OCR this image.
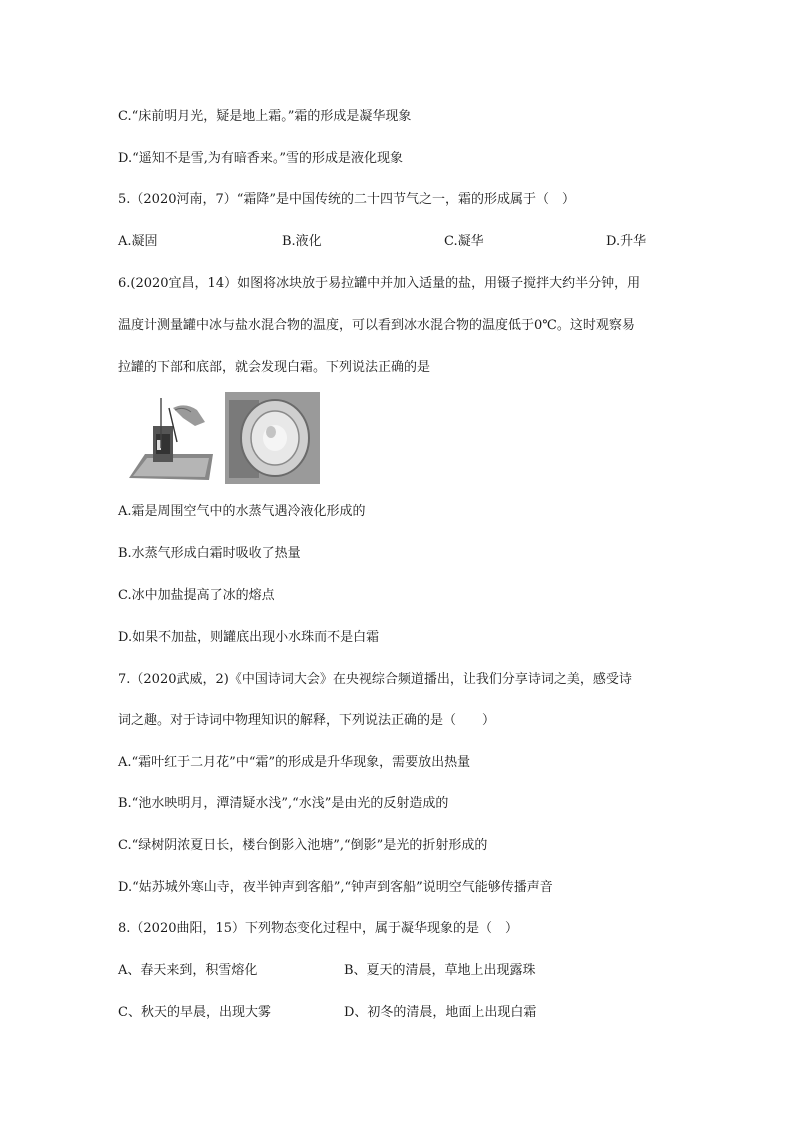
C.“床前明月光，疑是地上霜。”霜的形成是凝华现象
D.“遥知不是雪,为有暗香来。”雪的形成是液化现象
5.（2020河南，7）“霜降”是中国传统的二十四节气之一，霜的形成属于（　）
A.凝固	B.液化	C.凝华	D.升华
6.(2020宜昌，14）如图将冰块放于易拉罐中并加入适量的盐，用镊子搅拌大约半分钟，用
温度计测量罐中冰与盐水混合物的温度，可以看到冰水混合物的温度低于0℃。这时观察易
拉罐的下部和底部，就会发现白霜。下列说法正确的是
A.霜是周围空气中的水蒸气遇冷液化形成的
B.水蒸气形成白霜时吸收了热量
C.冰中加盐提高了冰的熔点
D.如果不加盐，则罐底出现小水珠而不是白霜
7.（2020武威，2)《中国诗词大会》在央视综合频道播出，让我们分享诗词之美，感受诗
词之趣。对于诗词中物理知识的解释，下列说法正确的是（　　）
A.“霜叶红于二月花”中“霜”的形成是升华现象，需要放出热量
B.“池水映明月，潭清疑水浅”,“水浅”是由光的反射造成的
C.“绿树阴浓夏日长，楼台倒影入池塘”,“倒影”是光的折射形成的
D.“姑苏城外寒山寺，夜半钟声到客船”,“钟声到客船”说明空气能够传播声音
8.（2020曲阳，15）下列物态变化过程中，属于凝华现象的是（　）
A、春天来到，积雪熔化	B、夏天的清晨，草地上出现露珠
C、秋天的早晨，出现大雾	D、初冬的清晨，地面上出现白霜
